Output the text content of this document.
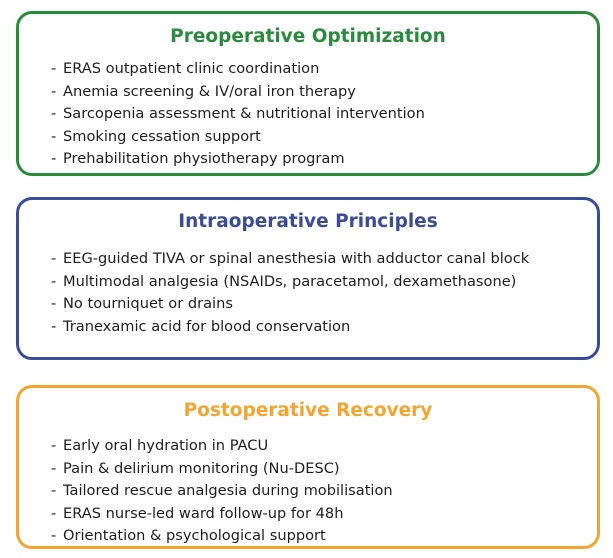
Preoperative Optimization
- ERAS outpatient clinic coordination
- Anemia screening & IV/oral iron therapy
- Sarcopenia assessment & nutritional intervention
- Smoking cessation support
- Prehabilitation physiotherapy program
Intraoperative Principles
- EEG-guided TIVA or spinal anesthesia with adductor canal block
- Multimodal analgesia (NSAIDs, paracetamol, dexamethasone)
- No tourniquet or drains
- Tranexamic acid for blood conservation
Postoperative Recovery
- Early oral hydration in PACU
- Pain & delirium monitoring (Nu-DESC)
- Tailored rescue analgesia during mobilisation
- ERAS nurse-led ward follow-up for 48h
- Orientation & psychological support
